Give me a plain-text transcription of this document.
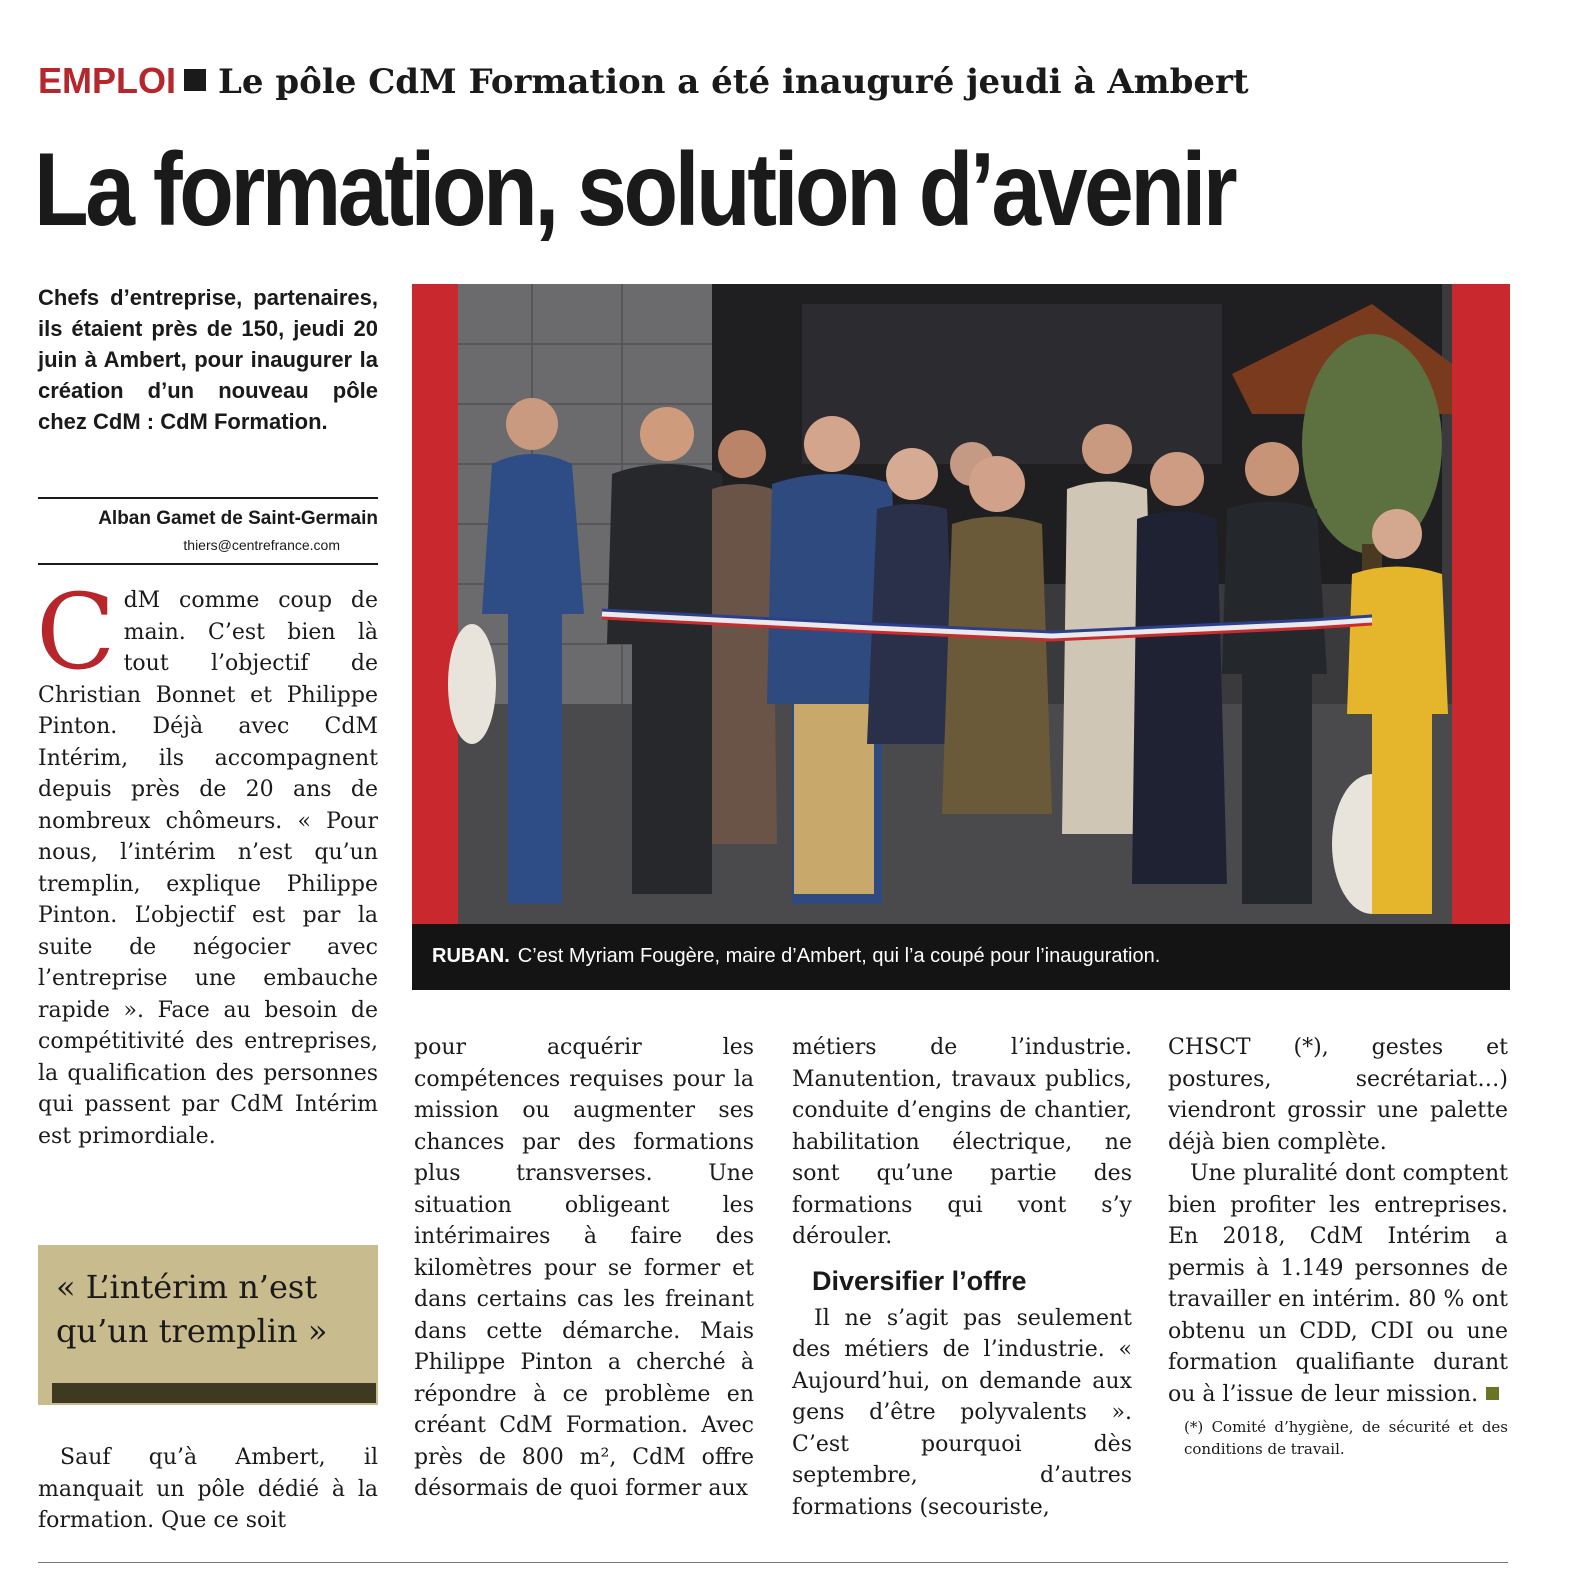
EMPLOI Le pôle CdM Formation a été inauguré jeudi à Ambert
La formation, solution d’avenir
Chefs d’entreprise, partenaires, ils étaient près de 150, jeudi 20 juin à Ambert, pour inaugurer la création d’un nouveau pôle chez CdM : CdM Formation.
Alban Gamet de Saint-Germain
thiers@centrefrance.com
C dM comme coup de main. C’est bien là tout l’objectif de Christian Bonnet et Philippe Pinton. Déjà avec CdM Intérim, ils accompagnent depuis près de 20 ans de nombreux chômeurs. « Pour nous, l’intérim n’est qu’un tremplin, explique Philippe Pinton. L’objectif est par la suite de négocier avec l’entreprise une embauche rapide ». Face au besoin de compétitivité des entreprises, la qualification des personnes qui passent par CdM Intérim est primordiale.

« L’intérim n’est qu’un tremplin »

Sauf qu’à Ambert, il manquait un pôle dédié à la formation. Que ce soit

RUBAN. C’est Myriam Fougère, maire d’Ambert, qui l’a coupé pour l’inauguration.

pour acquérir les compétences requises pour la mission ou augmenter ses chances par des formations plus transverses. Une situation obligeant les intérimaires à faire des kilomètres pour se former et dans certains cas les freinant dans cette démarche. Mais Philippe Pinton a cherché à répondre à ce problème en créant CdM Formation. Avec près de 800 m², CdM offre désormais de quoi former aux

métiers de l’industrie. Manutention, travaux publics, conduite d’engins de chantier, habilitation électrique, ne sont qu’une partie des formations qui vont s’y dérouler.

Diversifier l’offre

Il ne s’agit pas seulement des métiers de l’industrie. « Aujourd’hui, on demande aux gens d’être polyvalents ». C’est pourquoi dès septembre, d’autres formations (secouriste,

CHSCT (*), gestes et postures, secrétariat…) viendront grossir une palette déjà bien complète.

Une pluralité dont comptent bien profiter les entreprises. En 2018, CdM Intérim a permis à 1.149 personnes de travailler en intérim. 80 % ont obtenu un CDD, CDI ou une formation qualifiante durant ou à l’issue de leur mission.

(*) Comité d’hygiène, de sécurité et des conditions de travail.
